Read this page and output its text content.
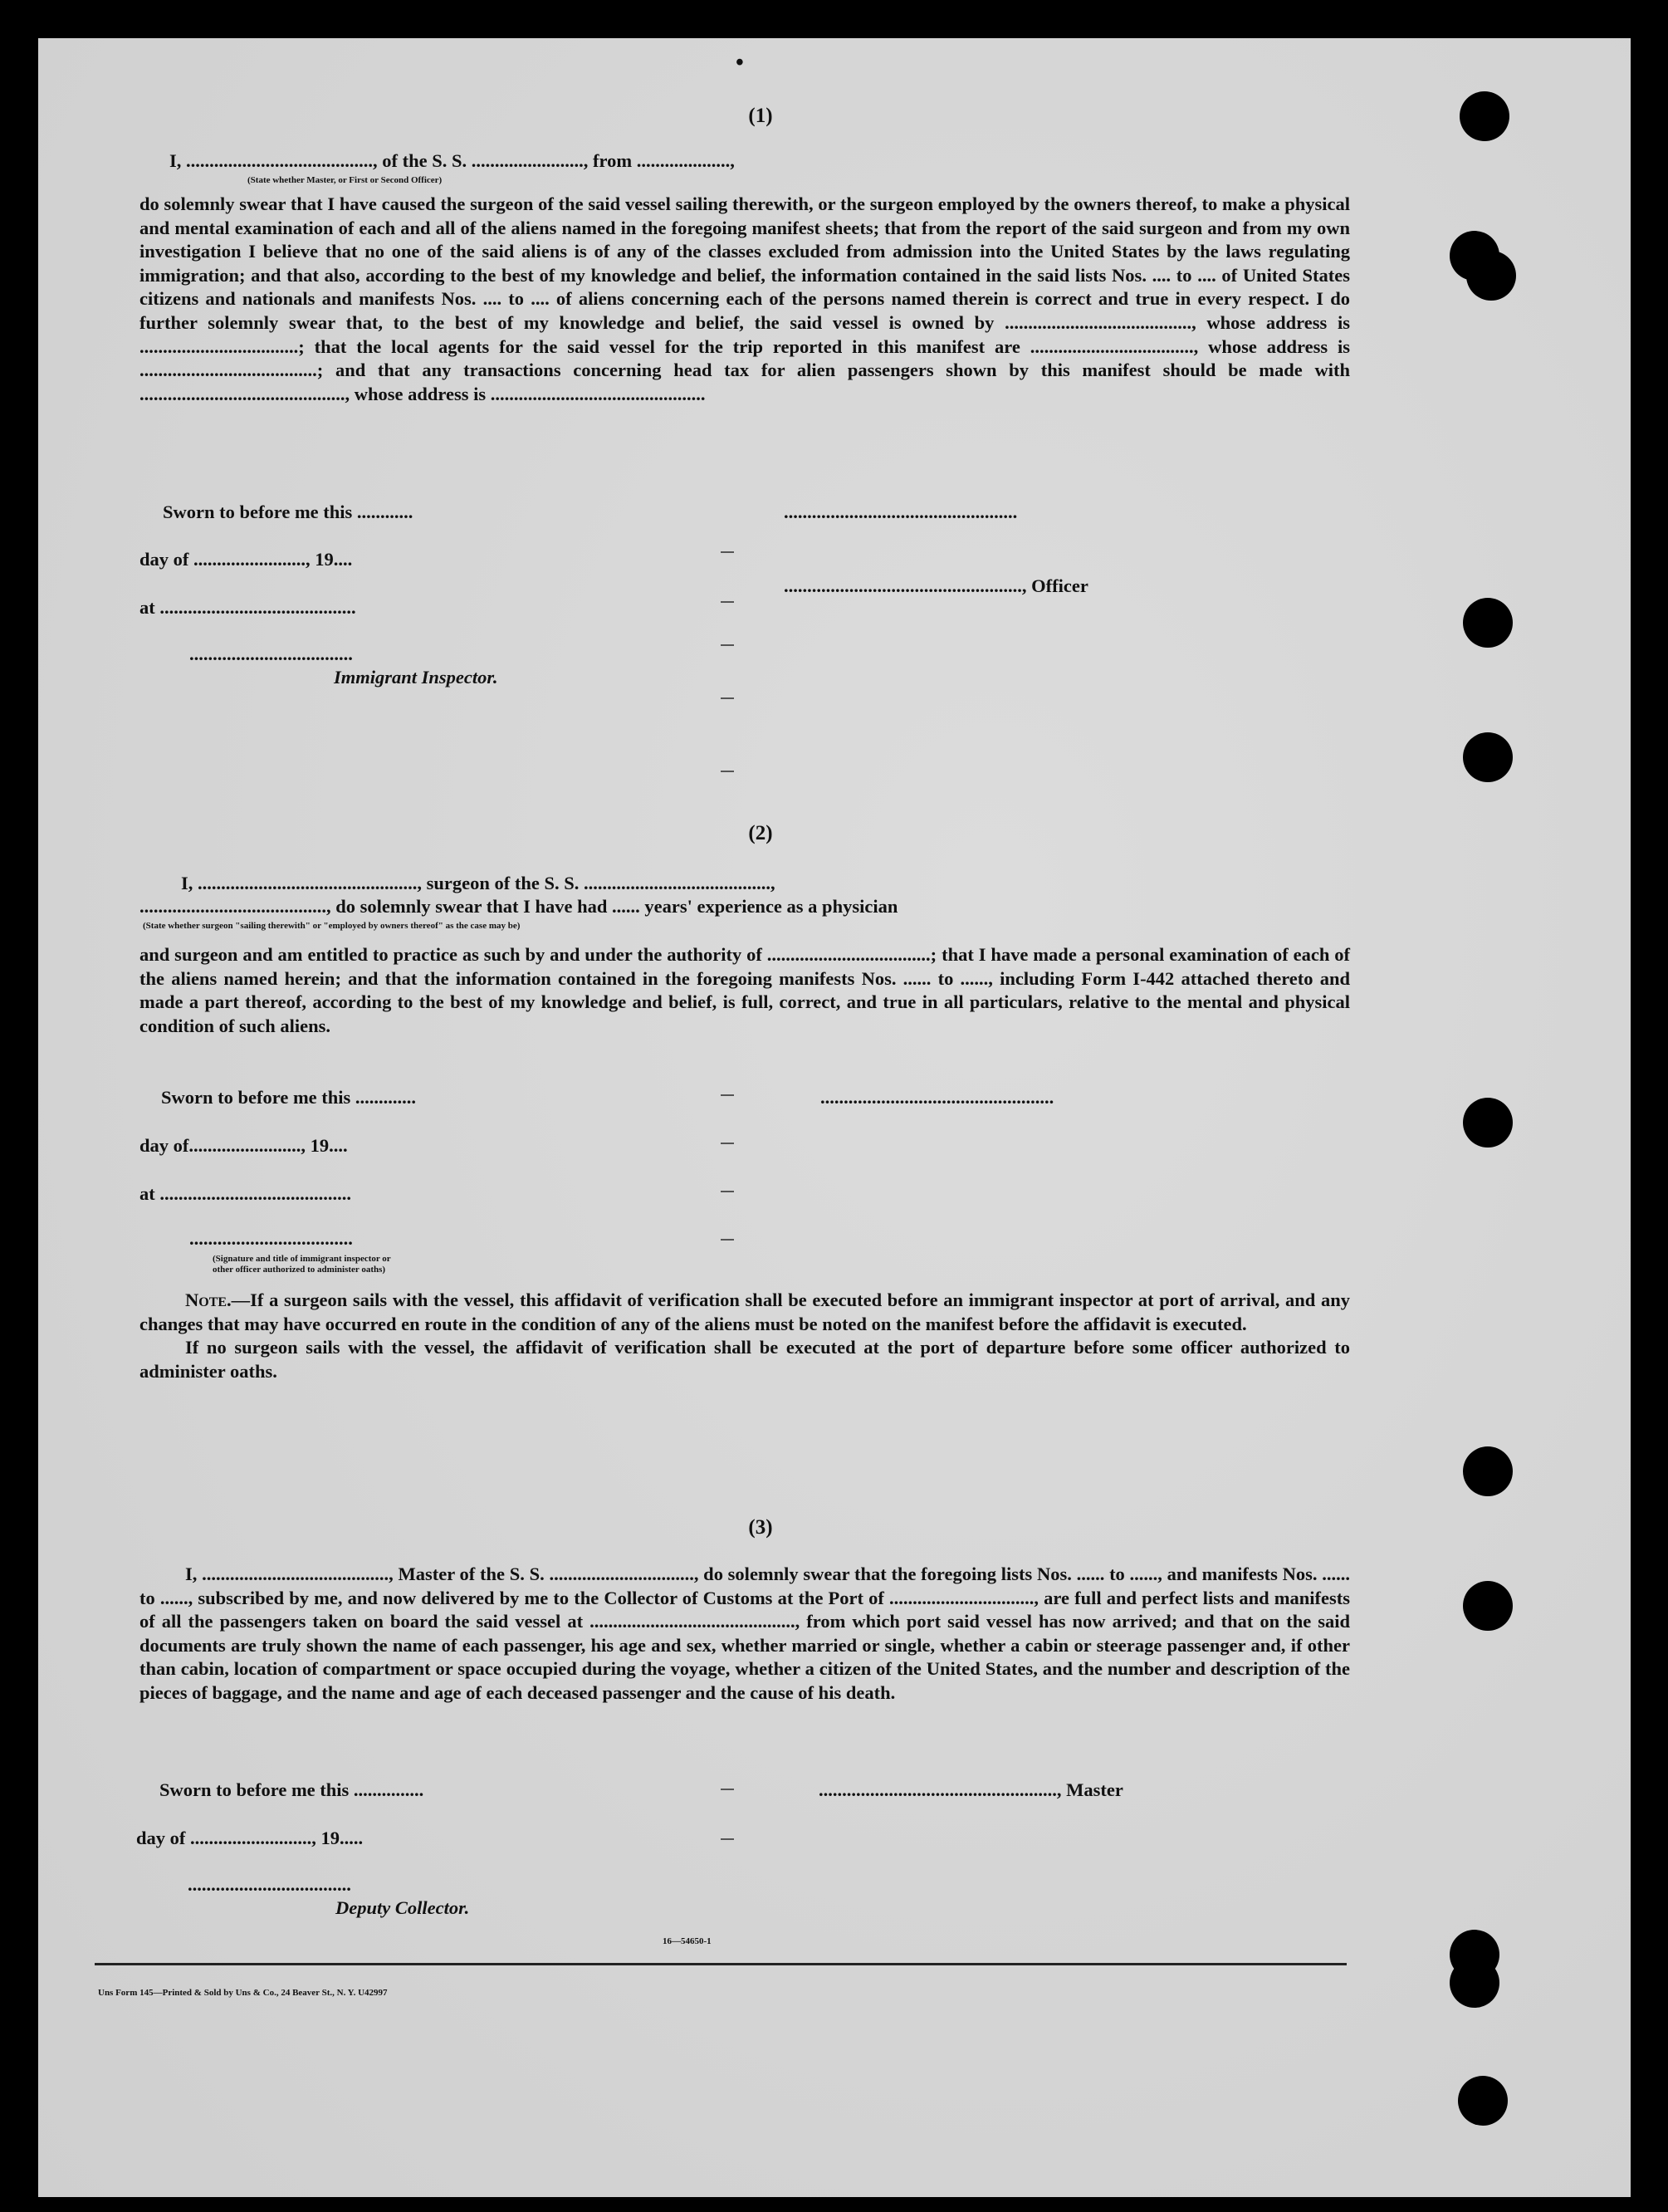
•
(1)
I, ........................................, of the S. S. ........................, from ....................,
(State whether Master, or First or Second Officer)

do solemnly swear that I have caused the surgeon of the said vessel sailing therewith, or the surgeon employed by the owners thereof, to make a physical and mental examination of each and all of the aliens named in the foregoing manifest sheets; that from the report of the said surgeon and from my own investigation I believe that no one of the said aliens is of any of the classes excluded from admission into the United States by the laws regulating immigration; and that also, according to the best of my knowledge and belief, the information contained in the said lists Nos. .... to .... of United States citizens and nationals and manifests Nos. .... to .... of aliens concerning each of the persons named therein is correct and true in every respect. I do further solemnly swear that, to the best of my knowledge and belief, the said vessel is owned by ........................................, whose address is ..................................; that the local agents for the said vessel for the trip reported in this manifest are ..................................., whose address is ......................................; and that any transactions concerning head tax for alien passengers shown by this manifest should be made with ............................................, whose address is ..............................................

Sworn to before me this ............	..................................................
day of ........................, 19....
..................................................., Officer
at ..........................................
...................................
Immigrant Inspector.
(2)
I, ..............................................., surgeon of the S. S. ........................................,
........................................, do solemnly swear that I have had ...... years' experience as a physician
(State whether surgeon "sailing therewith" or "employed by owners thereof" as the case may be)

and surgeon and am entitled to practice as such by and under the authority of ...................................; that I have made a personal examination of each of the aliens named herein; and that the information contained in the foregoing manifests Nos. ...... to ......, including Form I-442 attached thereto and made a part thereof, according to the best of my knowledge and belief, is full, correct, and true in all particulars, relative to the mental and physical condition of such aliens.

Sworn to before me this .............	..................................................
day of........................, 19....
at .........................................
...................................
(Signature and title of immigrant inspector or
other officer authorized to administer oaths)

Note.—If a surgeon sails with the vessel, this affidavit of verification shall be executed before an immigrant inspector at port of arrival, and any changes that may have occurred en route in the condition of any of the aliens must be noted on the manifest before the affidavit is executed.

If no surgeon sails with the vessel, the affidavit of verification shall be executed at the port of departure before some officer authorized to administer oaths.

(3)

I, ........................................, Master of the S. S. ..............................., do solemnly swear that the foregoing lists Nos. ...... to ......, and manifests Nos. ...... to ......, subscribed by me, and now delivered by me to the Collector of Customs at the Port of ..............................., are full and perfect lists and manifests of all the passengers taken on board the said vessel at ............................................, from which port said vessel has now arrived; and that on the said documents are truly shown the name of each passenger, his age and sex, whether married or single, whether a cabin or steerage passenger and, if other than cabin, location of compartment or space occupied during the voyage, whether a citizen of the United States, and the number and description of the pieces of baggage, and the name and age of each deceased passenger and the cause of his death.

Sworn to before me this ...............	..................................................., Master
day of .........................., 19.....
...................................
Deputy Collector.
16—54650-1
Uns Form 145—Printed & Sold by Uns & Co., 24 Beaver St., N. Y. U42997
